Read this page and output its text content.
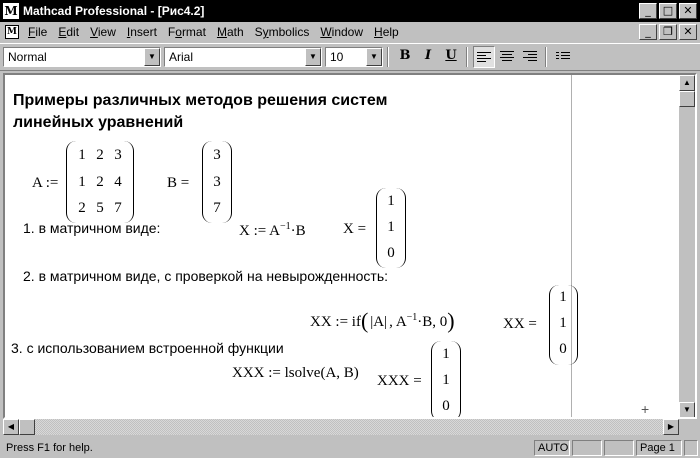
M Mathcad Professional - [Рис4.2]	_	□ ✕
M File Edit View Insert Format Math Symbolics Window Help	_	❐ ✕
Normal	▼	Arial	▼	10	▼	B	I	U
Примеры различных методов решения систем
линейных уравнений
A :=
1 2 3
1 2 4
2 5 7
B =
3
3
7
1. в матричном виде:	X := $A^{-1}\cdot B$ X =
1
1
0
2. в матричном виде, с проверкой на невырожденность:
XX := if( |A| , $A^{-1}\cdot B$, 0)	XX =
1
1
0
3. с использованием встроенной функции
XXX := lsolve(A, B) XXX =
1
1
0	+
▲
▼
◀	▶
Press F1 for help.	AUTO	Page 1
